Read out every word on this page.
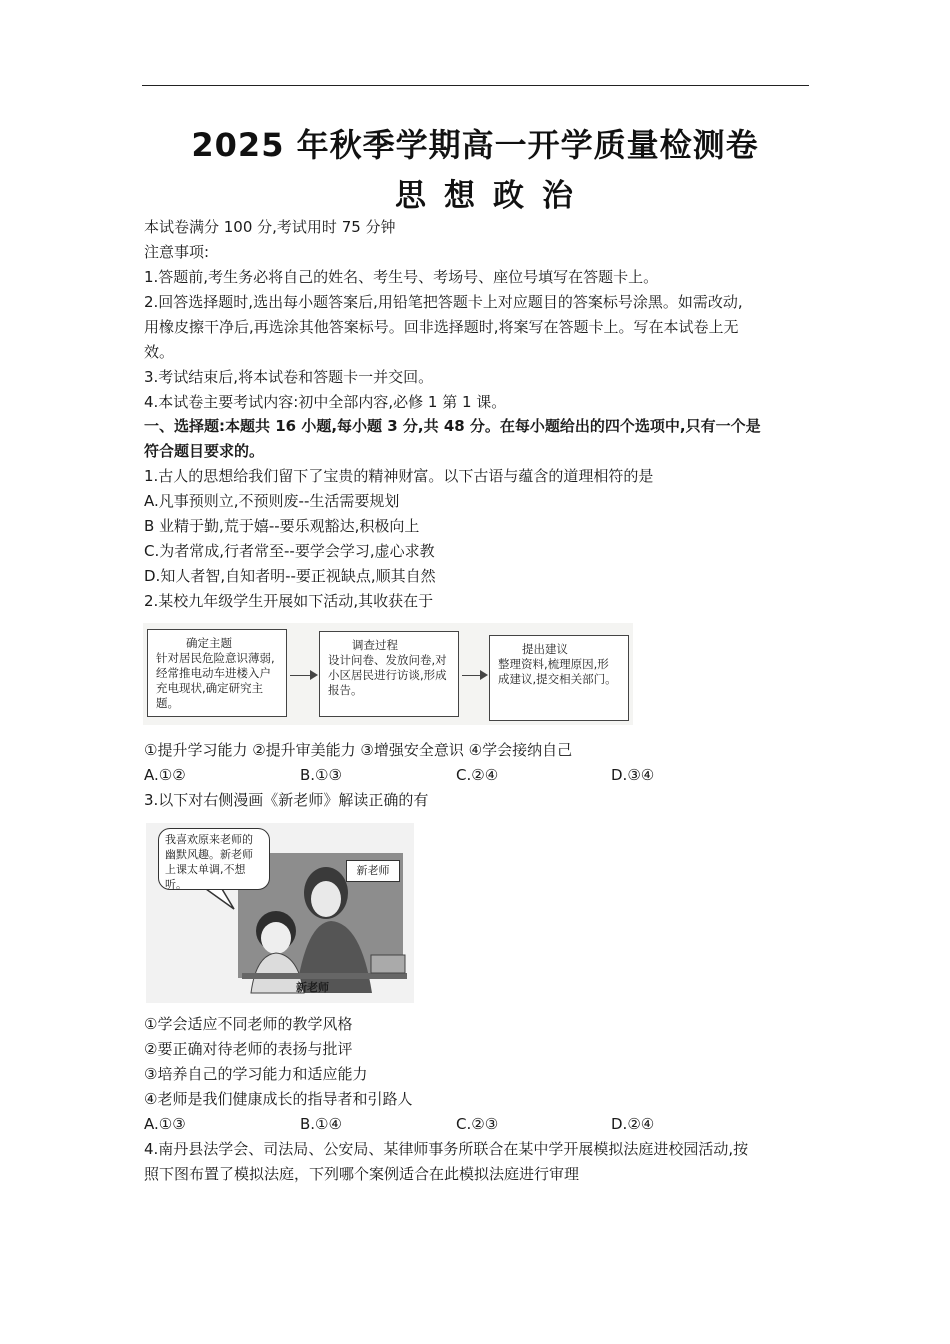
2025 年秋季学期高一开学质量检测卷
思想政治
本试卷满分 100 分,考试用时 75 分钟
注意事项:
1.答题前,考生务必将自己的姓名、考生号、考场号、座位号填写在答题卡上。
2.回答选择题时,选出每小题答案后,用铅笔把答题卡上对应题目的答案标号涂黑。如需改动,
用橡皮擦干净后,再选涂其他答案标号。回非选择题时,将案写在答题卡上。写在本试卷上无
效。
3.考试结束后,将本试卷和答题卡一并交回。
4.本试卷主要考试内容:初中全部内容,必修 1 第 1 课。
一、选择题:本题共 16 小题,每小题 3 分,共 48 分。在每小题给出的四个选项中,只有一个是
符合题目要求的。
1.古人的思想给我们留下了宝贵的精神财富。以下古语与蕴含的道理相符的是
A.凡事预则立,不预则废--生活需要规划
B 业精于勤,荒于嬉--要乐观豁达,积极向上
C.为者常成,行者常至--要学会学习,虚心求教
D.知人者智,自知者明--要正视缺点,顺其自然
2.某校九年级学生开展如下活动,其收获在于
确定主题
针对居民危险意识薄弱,经常推电动车进楼入户充电现状,确定研究主题。
调查过程
设计问卷、发放问卷,对小区居民进行访谈,形成报告。
提出建议
整理资料,梳理原因,形成建议,提交相关部门。
①提升学习能力 ②提升审美能力 ③增强安全意识 ④学会接纳自己
A.①②	B.①③	C.②④	D.③④
3.以下对右侧漫画《新老师》解读正确的有
新老师
我喜欢原来老师的幽默风趣。新老师上课太单调,不想听。
新老师
①学会适应不同老师的教学风格
②要正确对待老师的表扬与批评
③培养自己的学习能力和适应能力
④老师是我们健康成长的指导者和引路人
A.①③	B.①④	C.②③	D.②④
4.南丹县法学会、司法局、公安局、某律师事务所联合在某中学开展模拟法庭进校园活动,按
照下图布置了模拟法庭，下列哪个案例适合在此模拟法庭进行审理
